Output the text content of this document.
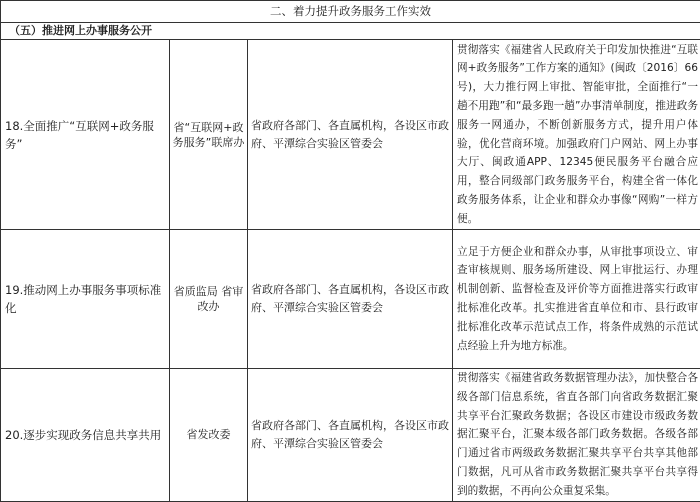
二、着力提升政务服务工作实效			
（五）推进网上办事服务公开			
18.全面推广“互联网+政务服务”	省“互联网+政务服务”联席办	省政府各部门、各直属机构，各设区市政府、平潭综合实验区管委会	贯彻落实《福建省人民政府关于印发加快推进“互联网+政务服务”工作方案的通知》(闽政〔2016〕66号)，大力推行网上审批、智能审批，全面推行“一趟不用跑”和“最多跑一趟”办事清单制度，推进政务服务一网通办，不断创新服务方式，提升用户体验，优化营商环境。加强政府门户网站、网上办事大厅、闽政通APP、12345便民服务平台融合应用，整合同级部门政务服务平台，构建全省一体化政务服务体系，让企业和群众办事像“网购”一样方便。
19.推动网上办事服务事项标准化	省质监局 省审改办	省政府各部门、各直属机构，各设区市政府、平潭综合实验区管委会	立足于方便企业和群众办事，从审批事项设立、审查审核规则、服务场所建设、网上审批运行、办理机制创新、监督检查及评价等方面推进落实行政审批标准化改革。扎实推进省直单位和市、县行政审批标准化改革示范试点工作，将条件成熟的示范试点经验上升为地方标准。
20.逐步实现政务信息共享共用	省发改委	省政府各部门、各直属机构，各设区市政府、平潭综合实验区管委会	贯彻落实《福建省政务数据管理办法》，加快整合各级各部门信息系统，省直各部门向省政务数据汇聚共享平台汇聚政务数据；各设区市建设市级政务数据汇聚平台，汇聚本级各部门政务数据。各级各部门通过省市两级政务数据汇聚共享平台共享其他部门数据，凡可从省市政务数据汇聚共享平台共享得到的数据，不再向公众重复采集。
